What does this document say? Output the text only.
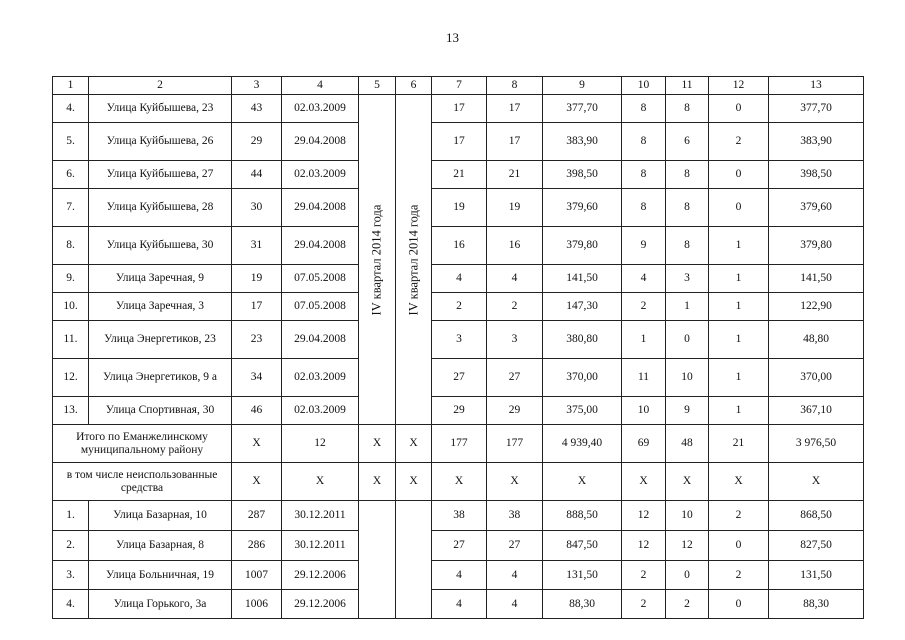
13
1	2	3	4	5	6	7	8	9	10	11	12	13
4.	Улица Куйбышева, 23	43	02.03.2009	IV квартал 2014 года	IV квартал 2014 года	17	17	377,70	8	8	0	377,70
5.	Улица Куйбышева, 26	29	29.04.2008			17	17	383,90	8	6	2	383,90
6.	Улица Куйбышева, 27	44	02.03.2009			21	21	398,50	8	8	0	398,50
7.	Улица Куйбышева, 28	30	29.04.2008			19	19	379,60	8	8	0	379,60
8.	Улица Куйбышева, 30	31	29.04.2008			16	16	379,80	9	8	1	379,80
9.	Улица Заречная, 9	19	07.05.2008			4	4	141,50	4	3	1	141,50
10.	Улица Заречная, 3	17	07.05.2008			2	2	147,30	2	1	1	122,90
11.	Улица Энергетиков, 23	23	29.04.2008			3	3	380,80	1	0	1	48,80
12.	Улица Энергетиков, 9 а	34	02.03.2009			27	27	370,00	11	10	1	370,00
13.	Улица Спортивная, 30	46	02.03.2009			29	29	375,00	10	9	1	367,10
Итого по Еманжелинскому муниципальному району		X	12	X	X	177	177	4 939,40	69	48	21	3 976,50
в том числе неиспользованные средства		X	X	X	X	X	X	X	X	X	X	X
1.	Улица Базарная, 10	287	30.12.2011			38	38	888,50	12	10	2	868,50
2.	Улица Базарная, 8	286	30.12.2011			27	27	847,50	12	12	0	827,50
3.	Улица Больничная, 19	1007	29.12.2006			4	4	131,50	2	0	2	131,50
4.	Улица Горького, 3а	1006	29.12.2006			4	4	88,30	2	2	0	88,30
